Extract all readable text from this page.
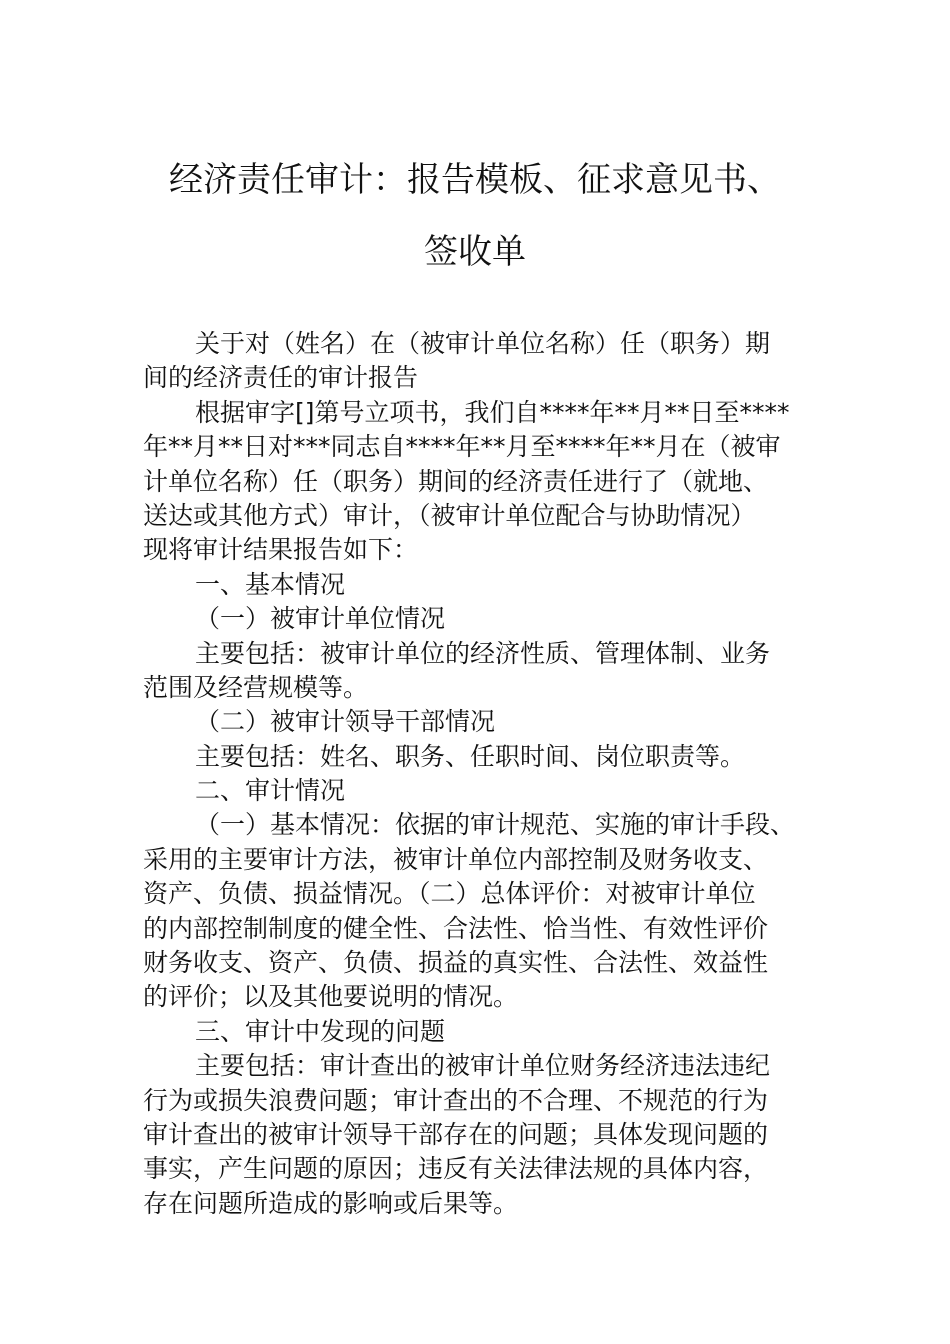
经济责任审计：报告模板、征求意见书、
签收单
关于对（姓名）在（被审计单位名称）任（职务）期
间的经济责任的审计报告
根据审字[]第号立项书，我们自****年**月**日至****
年**月**日对***同志自****年**月至****年**月在（被审
计单位名称）任（职务）期间的经济责任进行了（就地、
送达或其他方式）审计，（被审计单位配合与协助情况）
现将审计结果报告如下：
一、基本情况
（一）被审计单位情况
主要包括：被审计单位的经济性质、管理体制、业务
范围及经营规模等。
（二）被审计领导干部情况
主要包括：姓名、职务、任职时间、岗位职责等。
二、审计情况
（一）基本情况：依据的审计规范、实施的审计手段、
采用的主要审计方法，被审计单位内部控制及财务收支、
资产、负债、损益情况。（二）总体评价：对被审计单位
的内部控制制度的健全性、合法性、恰当性、有效性评价
财务收支、资产、负债、损益的真实性、合法性、效益性
的评价；以及其他要说明的情况。
三、审计中发现的问题
主要包括：审计查出的被审计单位财务经济违法违纪
行为或损失浪费问题；审计查出的不合理、不规范的行为
审计查出的被审计领导干部存在的问题；具体发现问题的
事实，产生问题的原因；违反有关法律法规的具体内容，
存在问题所造成的影响或后果等。
